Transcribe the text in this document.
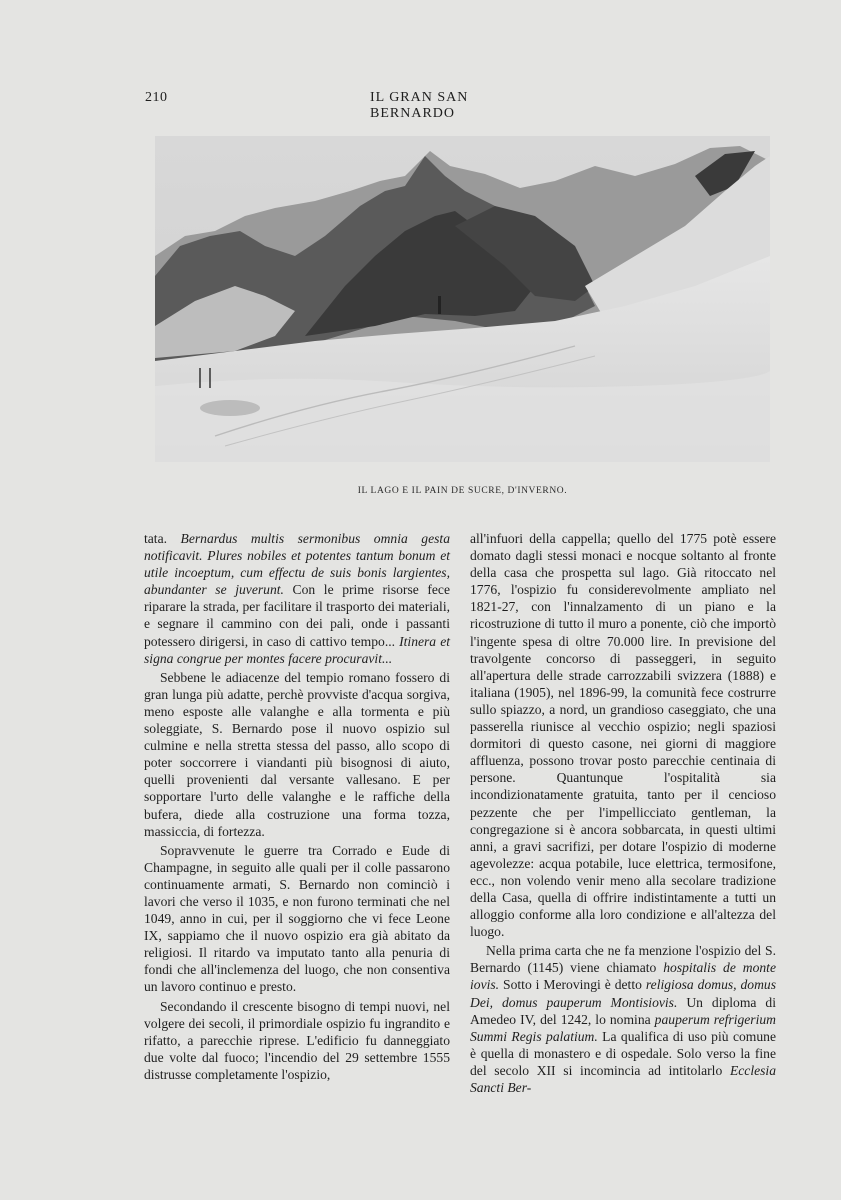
210	IL GRAN SAN BERNARDO
IL LAGO E IL PAIN DE SUCRE, D'INVERNO.

tata. Bernardus multis sermonibus omnia gesta notificavit. Plures nobiles et potentes tantum bonum et utile incoeptum, cum effectu de suis bonis largientes, abundanter se juverunt. Con le prime risorse fece riparare la strada, per facilitare il trasporto dei materiali, e segnare il cammino con dei pali, onde i passanti potessero dirigersi, in caso di cattivo tempo... Itinera et signa congrue per montes facere procuravit...

Sebbene le adiacenze del tempio romano fossero di gran lunga più adatte, perchè provviste d'acqua sorgiva, meno esposte alle valanghe e alla tormenta e più soleggiate, S. Bernardo pose il nuovo ospizio sul culmine e nella stretta stessa del passo, allo scopo di poter soccorrere i viandanti più bisognosi di aiuto, quelli provenienti dal versante vallesano. E per sopportare l'urto delle valanghe e le raffiche della bufera, diede alla costruzione una forma tozza, massiccia, di fortezza.

Sopravvenute le guerre tra Corrado e Eude di Champagne, in seguito alle quali per il colle passarono continuamente armati, S. Bernardo non cominciò i lavori che verso il 1035, e non furono terminati che nel 1049, anno in cui, per il soggiorno che vi fece Leone IX, sappiamo che il nuovo ospizio era già abitato da religiosi. Il ritardo va imputato tanto alla penuria di fondi che all'inclemenza del luogo, che non consentiva un lavoro continuo e presto.

Secondando il crescente bisogno di tempi nuovi, nel volgere dei secoli, il primordiale ospizio fu ingrandito e rifatto, a parecchie riprese. L'edificio fu danneggiato due volte dal fuoco; l'incendio del 29 settembre 1555 distrusse completamente l'ospizio,

all'infuori della cappella; quello del 1775 potè essere domato dagli stessi monaci e nocque soltanto al fronte della casa che prospetta sul lago. Già ritoccato nel 1776, l'ospizio fu considerevolmente ampliato nel 1821-27, con l'innalzamento di un piano e la ricostruzione di tutto il muro a ponente, ciò che importò l'ingente spesa di oltre 70.000 lire. In previsione del travolgente concorso di passeggeri, in seguito all'apertura delle strade carrozzabili svizzera (1888) e italiana (1905), nel 1896-99, la comunità fece costrurre sullo spiazzo, a nord, un grandioso caseggiato, che una passerella riunisce al vecchio ospizio; negli spaziosi dormitori di questo casone, nei giorni di maggiore affluenza, possono trovar posto parecchie centinaia di persone. Quantunque l'ospitalità sia incondizionatamente gratuita, tanto per il cencioso pezzente che per l'impellicciato gentleman, la congregazione si è ancora sobbarcata, in questi ultimi anni, a gravi sacrifizi, per dotare l'ospizio di moderne agevolezze: acqua potabile, luce elettrica, termosifone, ecc., non volendo venir meno alla secolare tradizione della Casa, quella di offrire indistintamente a tutti un alloggio conforme alla loro condizione e all'altezza del luogo.

Nella prima carta che ne fa menzione l'ospizio del S. Bernardo (1145) viene chiamato hospitalis de monte iovis. Sotto i Merovingi è detto religiosa domus, domus Dei, domus pauperum Montisiovis. Un diploma di Amedeo IV, del 1242, lo nomina pauperum refrigerium Summi Regis palatium. La qualifica di uso più comune è quella di monastero e di ospedale. Solo verso la fine del secolo XII si incomincia ad intitolarlo Ecclesia Sancti Ber-
